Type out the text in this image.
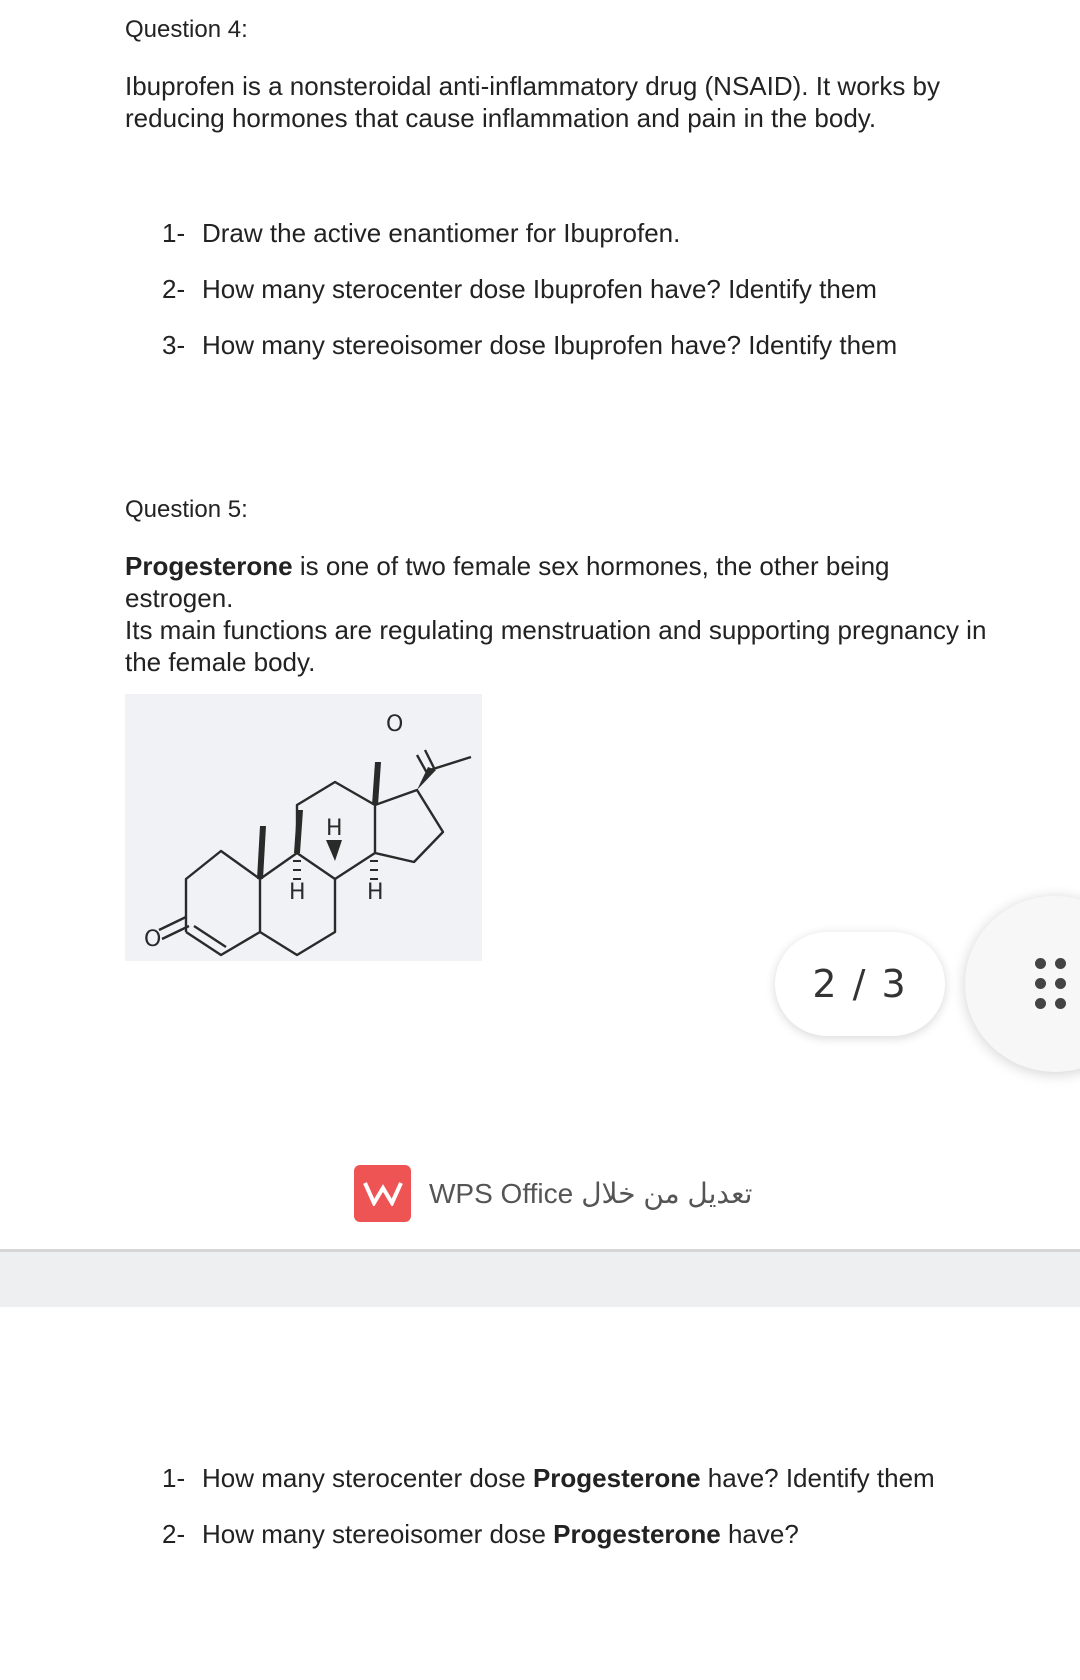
Question 4:
Ibuprofen is a nonsteroidal anti-inflammatory drug (NSAID). It works by
reducing hormones that cause inflammation and pain in the body.
1- Draw the active enantiomer for Ibuprofen.
2- How many sterocenter dose Ibuprofen have? Identify them
3- How many stereoisomer dose Ibuprofen have? Identify them
Question 5:
Progesterone is one of two female sex hormones, the other being estrogen.
Its main functions are regulating menstruation and supporting pregnancy in
the female body.
O
O
H
H	H
2 / 3
WPS Office تعديل من خلال
1- How many sterocenter dose Progesterone have? Identify them
2- How many stereoisomer dose Progesterone have?
